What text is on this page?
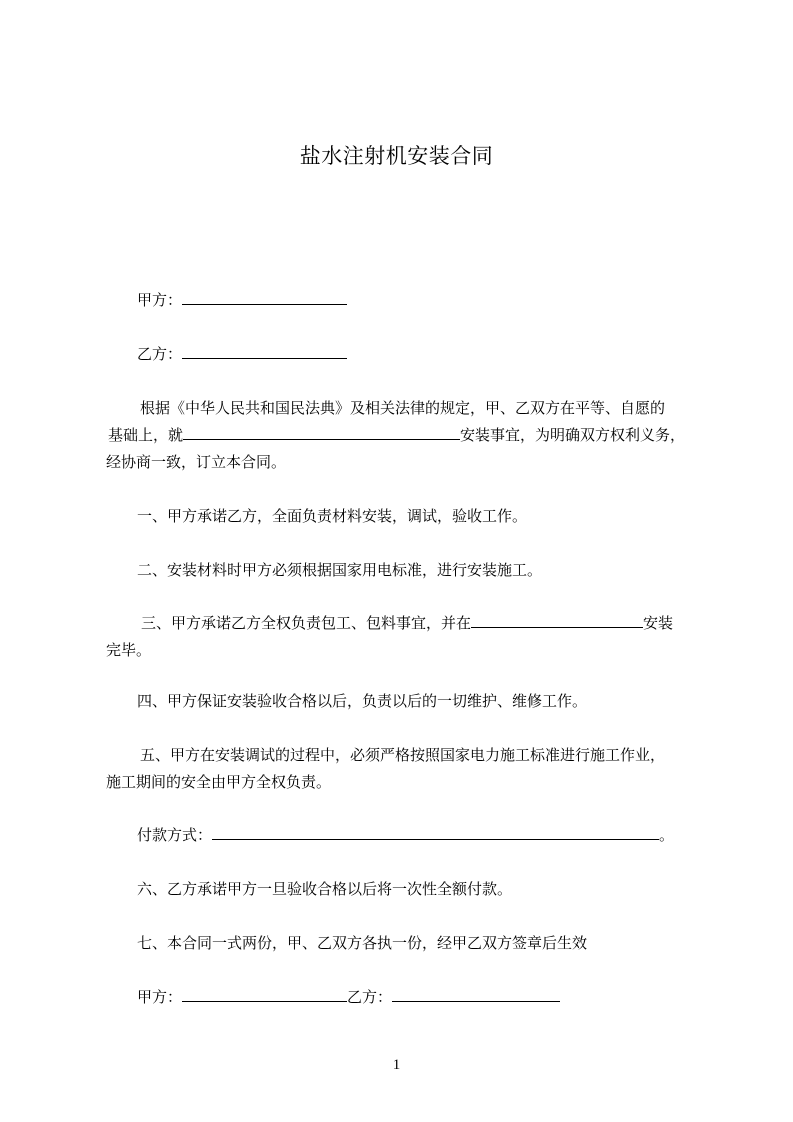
盐水注射机安装合同
甲方：
乙方：
根据《中华人民共和国民法典》及相关法律的规定，甲、乙双方在平等、自愿的
基础上，就	安装事宜，为明确双方权利义务，
经协商一致，订立本合同。
一、甲方承诺乙方，全面负责材料安装，调试，验收工作。
二、安装材料时甲方必须根据国家用电标准，进行安装施工。
三、甲方承诺乙方全权负责包工、包料事宜，并在	安装
完毕。
四、甲方保证安装验收合格以后，负责以后的一切维护、维修工作。
五、甲方在安装调试的过程中，必须严格按照国家电力施工标准进行施工作业，
施工期间的安全由甲方全权负责。
付款方式：	。
六、乙方承诺甲方一旦验收合格以后将一次性全额付款。
七、本合同一式两份，甲、乙双方各执一份，经甲乙双方签章后生效
甲方：	乙方：
1
